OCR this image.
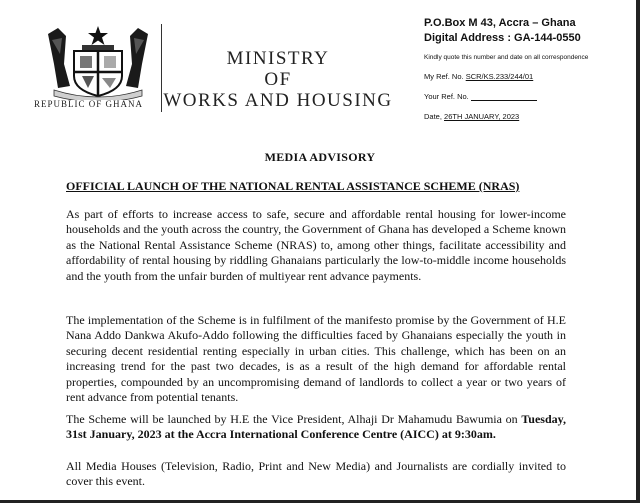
REPUBLIC OF GHANA
MINISTRY
OF
WORKS AND HOUSING
P.O.Box M 43, Accra – Ghana
Digital Address : GA-144-0550
Kindly quote this number and date on all correspondence
My Ref. No. SCR/KS.233/244/01
Your Ref. No.
Date, 26TH JANUARY, 2023
MEDIA ADVISORY
OFFICIAL LAUNCH OF THE NATIONAL RENTAL ASSISTANCE SCHEME (NRAS)

As part of efforts to increase access to safe, secure and affordable rental housing for lower-income households and the youth across the country, the Government of Ghana has developed a Scheme known as the National Rental Assistance Scheme (NRAS) to, among other things, facilitate accessibility and affordability of rental housing by riddling Ghanaians particularly the low-to-middle income households and the youth from the unfair burden of multiyear rent advance payments.

The implementation of the Scheme is in fulfilment of the manifesto promise by the Government of H.E Nana Addo Dankwa Akufo-Addo following the difficulties faced by Ghanaians especially the youth in securing decent residential renting especially in urban cities. This challenge, which has been on an increasing trend for the past two decades, is as a result of the high demand for affordable rental properties, compounded by an uncompromising demand of landlords to collect a year or two years of rent advance from potential tenants.

The Scheme will be launched by H.E the Vice President, Alhaji Dr Mahamudu Bawumia on Tuesday, 31st January, 2023 at the Accra International Conference Centre (AICC) at 9:30am.

All Media Houses (Television, Radio, Print and New Media) and Journalists are cordially invited to cover this event.
